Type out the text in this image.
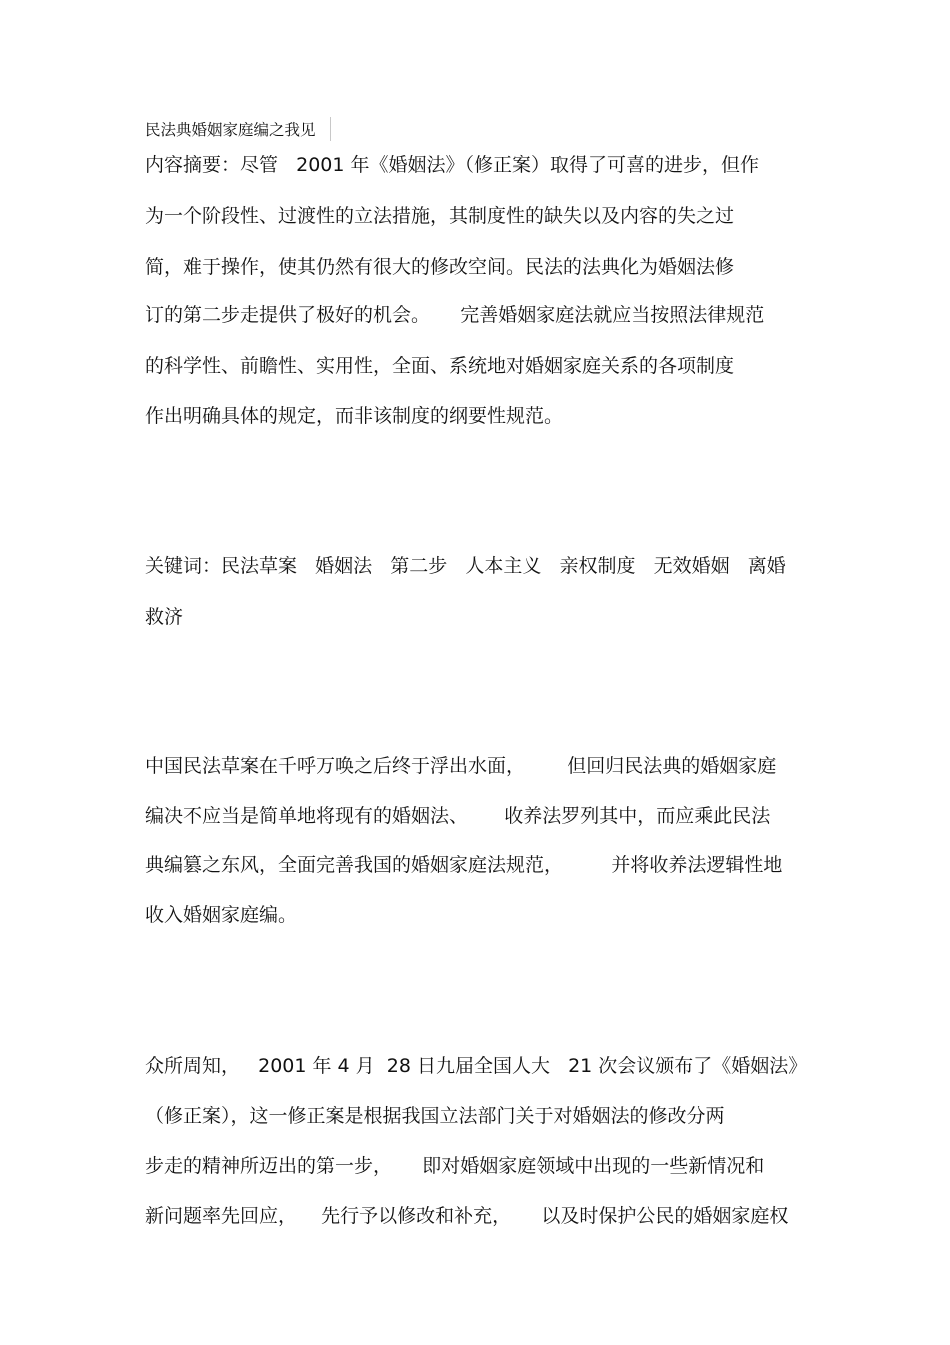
民法典婚姻家庭编之我见
内容摘要：尽管   2001 年《婚姻法》（修正案）取得了可喜的进步，但作
为一个阶段性、过渡性的立法措施，其制度性的缺失以及内容的失之过
简，难于操作，使其仍然有很大的修改空间。民法的法典化为婚姻法修
订的第二步走提供了极好的机会。     完善婚姻家庭法就应当按照法律规范
的科学性、前瞻性、实用性，全面、系统地对婚姻家庭关系的各项制度
作出明确具体的规定，而非该制度的纲要性规范。
关键词：民法草案   婚姻法   第二步   人本主义   亲权制度   无效婚姻   离婚
救济
中国民法草案在千呼万唤之后终于浮出水面，       但回归民法典的婚姻家庭
编决不应当是简单地将现有的婚姻法、      收养法罗列其中，而应乘此民法
典编篡之东风，全面完善我国的婚姻家庭法规范，        并将收养法逻辑性地
收入婚姻家庭编。
众所周知，   2001 年 4 月  28 日九届全国人大   21 次会议颁布了《婚姻法》
（修正案），这一修正案是根据我国立法部门关于对婚姻法的修改分两
步走的精神所迈出的第一步，     即对婚姻家庭领域中出现的一些新情况和
新问题率先回应，    先行予以修改和补充，     以及时保护公民的婚姻家庭权
